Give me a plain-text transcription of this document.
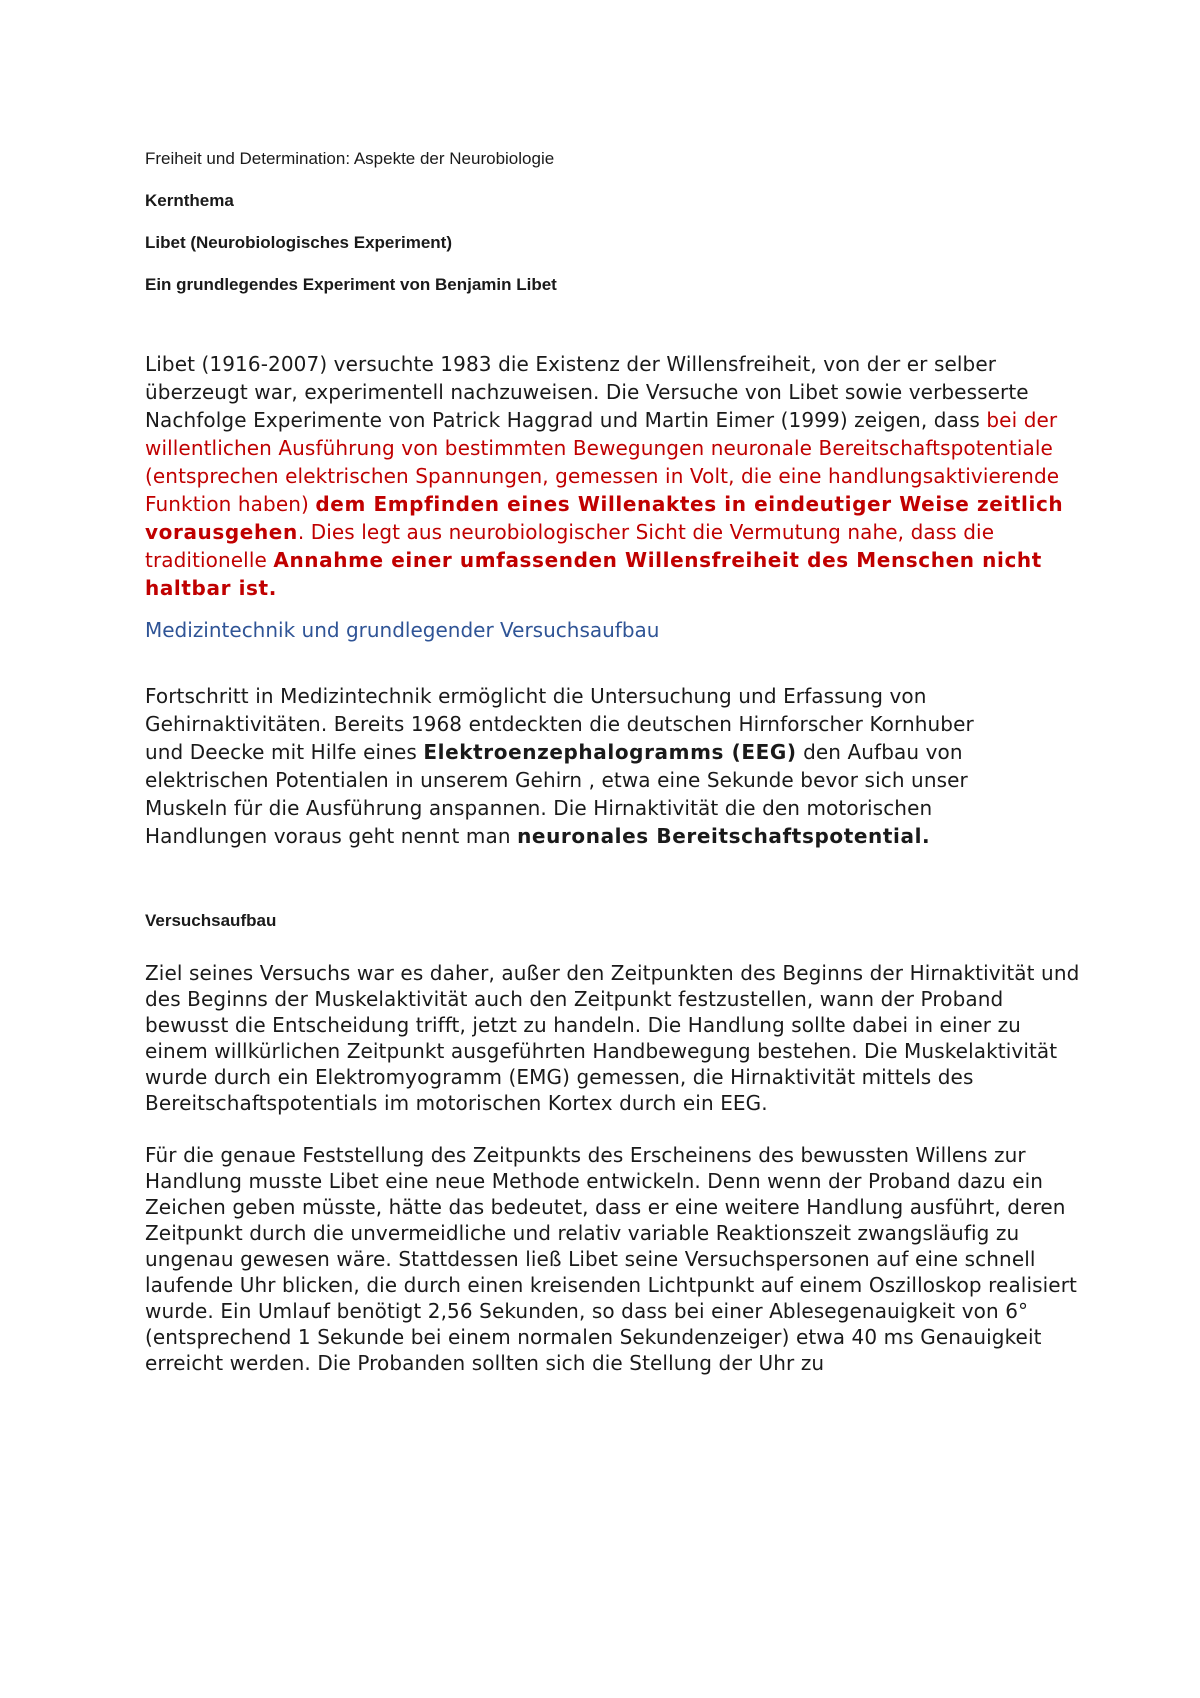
Freiheit und Determination: Aspekte der Neurobiologie

Kernthema

Libet (Neurobiologisches Experiment)

Ein grundlegendes Experiment von Benjamin Libet

Libet (1916-2007) versuchte 1983 die Existenz der Willensfreiheit, von der er selber überzeugt war, experimentell nachzuweisen. Die Versuche von Libet sowie verbesserte Nachfolge Experimente von Patrick Haggrad und Martin Eimer (1999) zeigen, dass bei der willentlichen Ausführung von bestimmten Bewegungen neuronale Bereitschaftspotentiale (entsprechen elektrischen Spannungen, gemessen in Volt, die eine handlungsaktivierende Funktion haben) dem Empfinden eines Willenaktes in eindeutiger Weise zeitlich vorausgehen. Dies legt aus neurobiologischer Sicht die Vermutung nahe, dass die traditionelle Annahme einer umfassenden Willensfreiheit des Menschen nicht haltbar ist.

Medizintechnik und grundlegender Versuchsaufbau

Fortschritt in Medizintechnik ermöglicht die Untersuchung und Erfassung von Gehirnaktivitäten. Bereits 1968 entdeckten die deutschen Hirnforscher Kornhuber und Deecke mit Hilfe eines Elektroenzephalogramms (EEG) den Aufbau von elektrischen Potentialen in unserem Gehirn , etwa eine Sekunde bevor sich unser Muskeln für die Ausführung anspannen. Die Hirnaktivität die den motorischen Handlungen voraus geht nennt man neuronales Bereitschaftspotential.

Versuchsaufbau

Ziel seines Versuchs war es daher, außer den Zeitpunkten des Beginns der Hirnaktivität und des Beginns der Muskelaktivität auch den Zeitpunkt festzustellen, wann der Proband bewusst die Entscheidung trifft, jetzt zu handeln. Die Handlung sollte dabei in einer zu einem willkürlichen Zeitpunkt ausgeführten Handbewegung bestehen. Die Muskelaktivität wurde durch ein Elektromyogramm (EMG) gemessen, die Hirnaktivität mittels des Bereitschaftspotentials im motorischen Kortex durch ein EEG.

Für die genaue Feststellung des Zeitpunkts des Erscheinens des bewussten Willens zur Handlung musste Libet eine neue Methode entwickeln. Denn wenn der Proband dazu ein Zeichen geben müsste, hätte das bedeutet, dass er eine weitere Handlung ausführt, deren Zeitpunkt durch die unvermeidliche und relativ variable Reaktionszeit zwangsläufig zu ungenau gewesen wäre. Stattdessen ließ Libet seine Versuchspersonen auf eine schnell laufende Uhr blicken, die durch einen kreisenden Lichtpunkt auf einem Oszilloskop realisiert wurde. Ein Umlauf benötigt 2,56 Sekunden, so dass bei einer Ablesegenauigkeit von 6° (entsprechend 1 Sekunde bei einem normalen Sekundenzeiger) etwa 40 ms Genauigkeit erreicht werden. Die Probanden sollten sich die Stellung der Uhr zu
